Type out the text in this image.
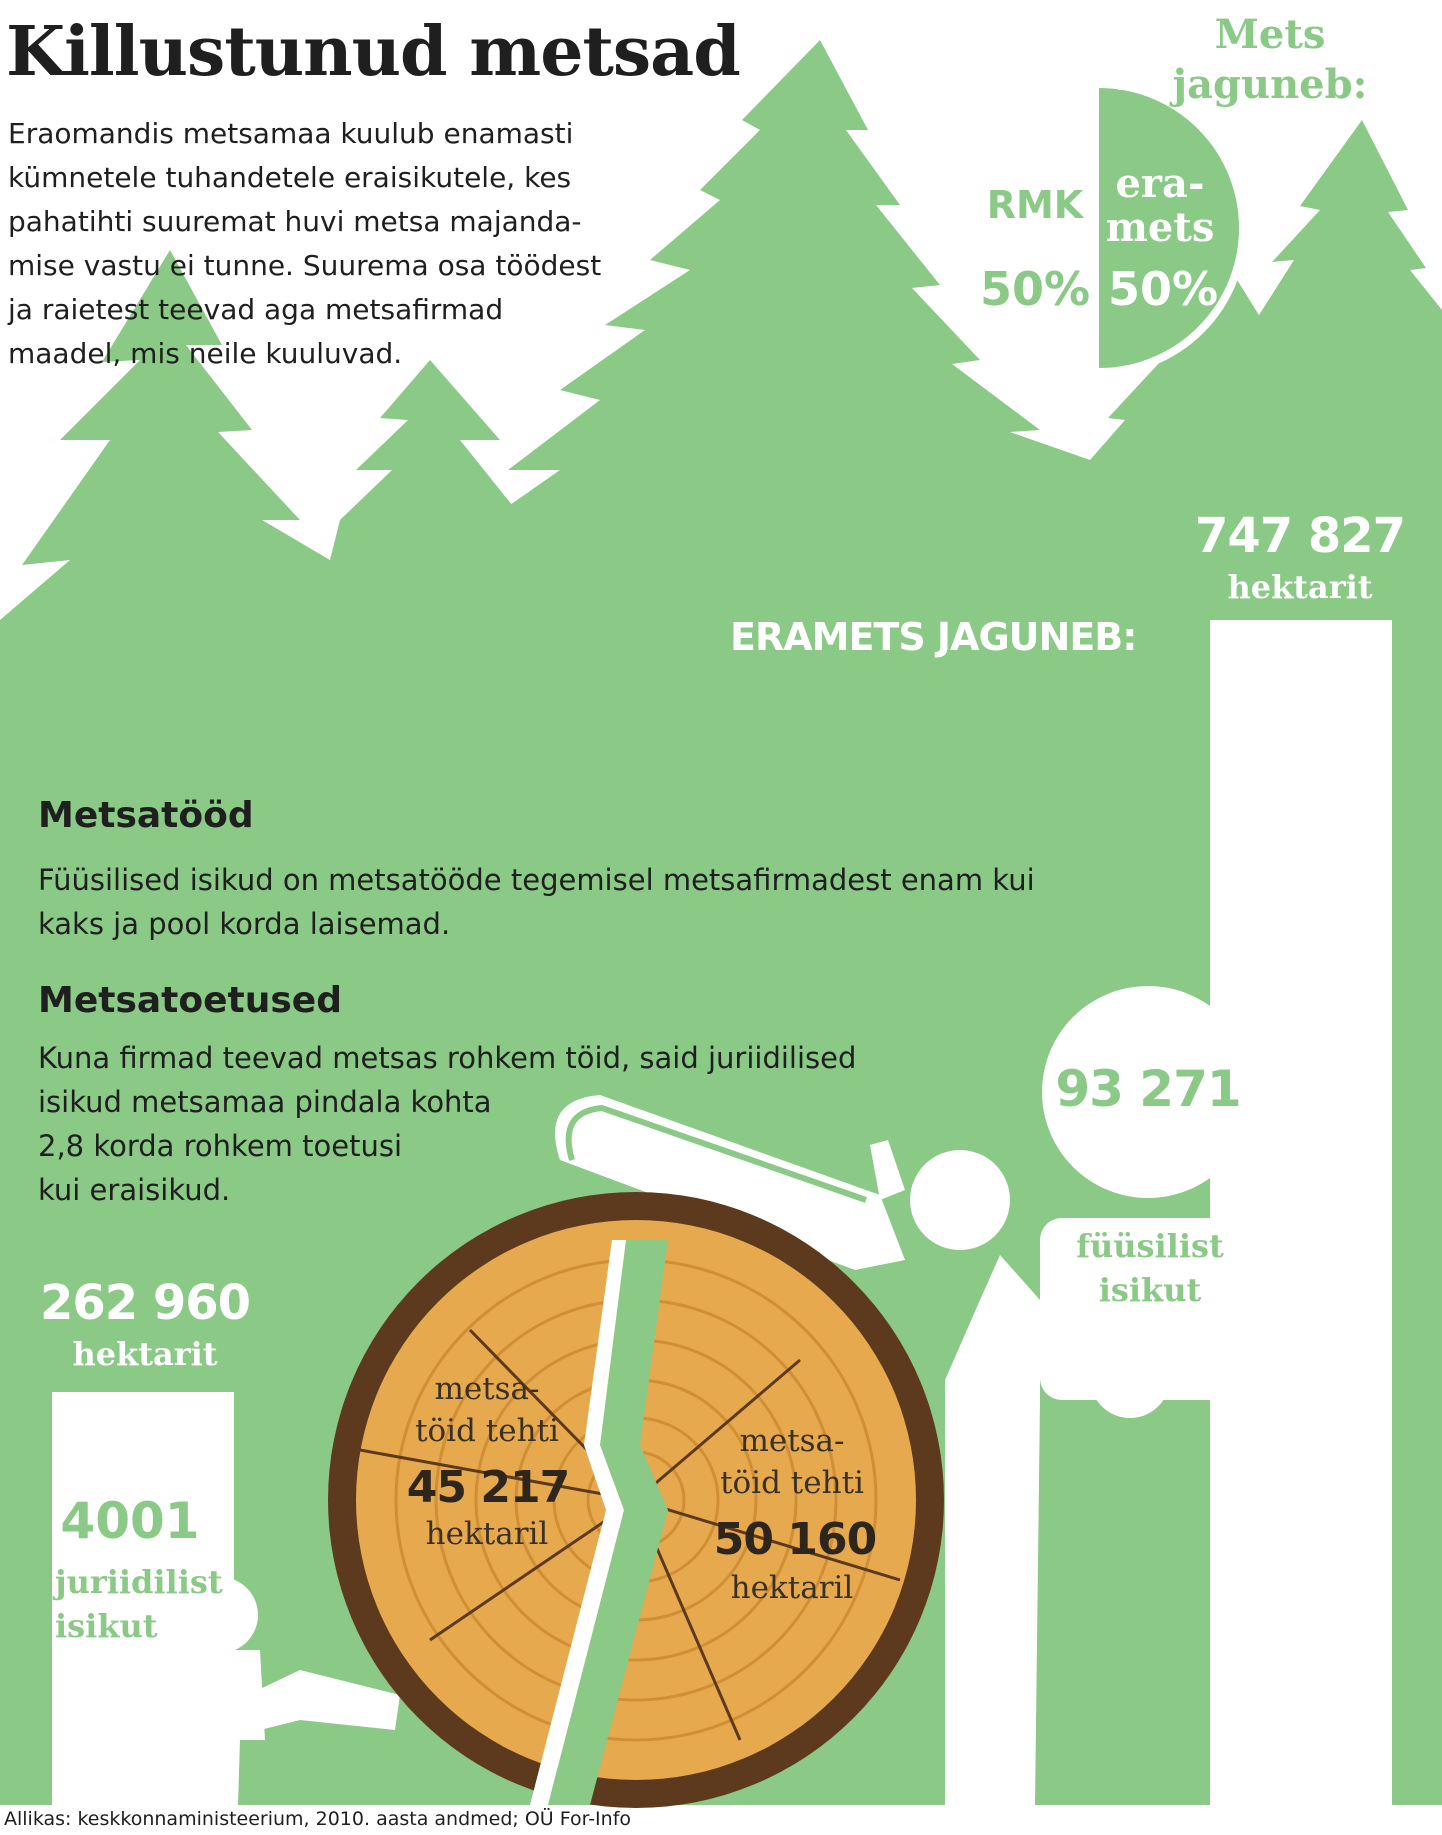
Killustunud metsad
Eraomandis metsamaa kuulub enamasti
kümnetele tuhandetele eraisikutele, kes
pahatihti suuremat huvi metsa majanda-
mise vastu ei tunne. Suurema osa töödest
ja raietest teevad aga metsafirmad
maadel, mis neile kuuluvad.
Mets
jaguneb:
RMK
50%
era-
mets
50%
747 827
hektarit
ERAMETS JAGUNEB:
Metsatööd
Füüsilised isikud on metsatööde tegemisel metsafirmadest enam kui
kaks ja pool korda laisemad.
Metsatoetused
Kuna firmad teevad metsas rohkem töid, said juriidilised
isikud metsamaa pindala kohta
2,8 korda rohkem toetusi
kui eraisikud.
93 271
füüsilist
isikut
262 960
hektarit
4001
juriidilist
isikut
metsa-
töid tehti
45 217
hektaril
metsa-
töid tehti
50 160
hektaril
Allikas: keskkonnaministeerium, 2010. aasta andmed; OÜ For-Info
